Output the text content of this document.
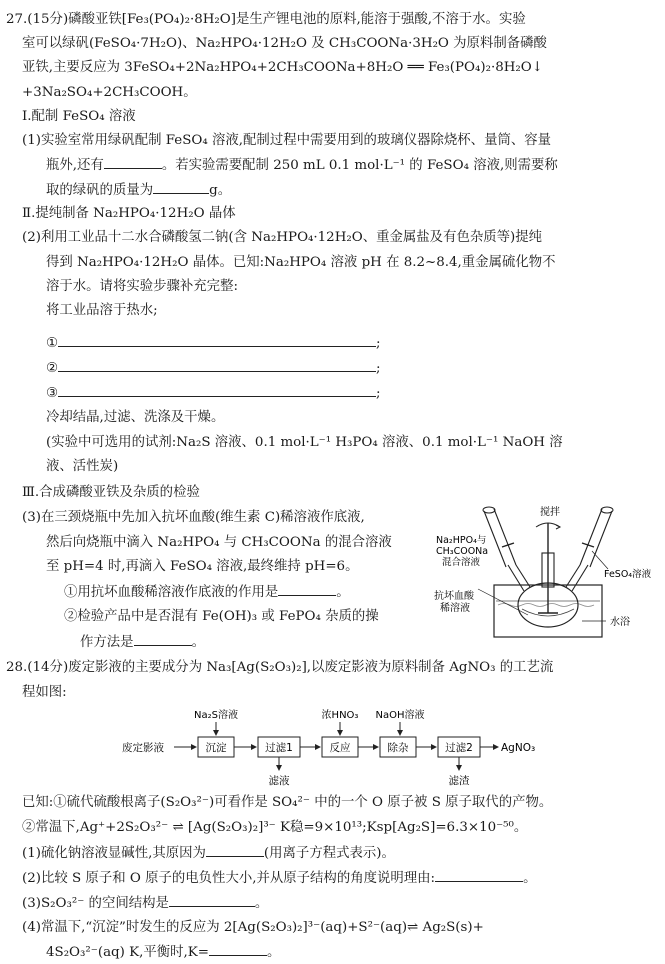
27.(15分)磷酸亚铁[Fe₃(PO₄)₂·8H₂O]是生产锂电池的原料,能溶于强酸,不溶于水。实验
室可以绿矾(FeSO₄·7H₂O)、Na₂HPO₄·12H₂O 及 CH₃COONa·3H₂O 为原料制备磷酸
亚铁,主要反应为 3FeSO₄+2Na₂HPO₄+2CH₃COONa+8H₂O ══ Fe₃(PO₄)₂·8H₂O↓
+3Na₂SO₄+2CH₃COOH。
Ⅰ.配制 FeSO₄ 溶液
(1)实验室常用绿矾配制 FeSO₄ 溶液,配制过程中需要用到的玻璃仪器除烧杯、量筒、容量
瓶外,还有	。若实验需要配制 250 mL 0.1 mol·L⁻¹ 的 FeSO₄ 溶液,则需要称
取的绿矾的质量为	g。
Ⅱ.提纯制备 Na₂HPO₄·12H₂O 晶体
(2)利用工业品十二水合磷酸氢二钠(含 Na₂HPO₄·12H₂O、重金属盐及有色杂质等)提纯
得到 Na₂HPO₄·12H₂O 晶体。已知:Na₂HPO₄ 溶液 pH 在 8.2~8.4,重金属硫化物不
溶于水。请将实验步骤补充完整:
将工业品溶于热水;
①	;
②	;
③	;
冷却结晶,过滤、洗涤及干燥。
(实验中可选用的试剂:Na₂S 溶液、0.1 mol·L⁻¹ H₃PO₄ 溶液、0.1 mol·L⁻¹ NaOH 溶
液、活性炭)
Ⅲ.合成磷酸亚铁及杂质的检验
(3)在三颈烧瓶中先加入抗坏血酸(维生素 C)稀溶液作底液,
然后向烧瓶中滴入 Na₂HPO₄ 与 CH₃COONa 的混合溶液
至 pH=4 时,再滴入 FeSO₄ 溶液,最终维持 pH=6。
①用抗坏血酸稀溶液作底液的作用是	。
②检验产品中是否混有 Fe(OH)₃ 或 FePO₄ 杂质的操
作方法是	。
搅拌
Na₂HPO₄与
CH₃COONa
混合溶液
FeSO₄溶液
抗坏血酸
稀溶液
水浴
28.(14分)废定影液的主要成分为 Na₃[Ag(S₂O₃)₂],以废定影液为原料制备 AgNO₃ 的工艺流
程如图:
废定影液	沉淀	过滤1	反应	除杂	过滤2	AgNO₃
Na₂S溶液	浓HNO₃ NaOH溶液
滤液	滤渣
已知:①硫代硫酸根离子(S₂O₃²⁻)可看作是 SO₄²⁻ 中的一个 O 原子被 S 原子取代的产物。
②常温下,Ag⁺+2S₂O₃²⁻ ⇌ [Ag(S₂O₃)₂]³⁻ K稳=9×10¹³;Ksp[Ag₂S]=6.3×10⁻⁵⁰。
(1)硫化钠溶液显碱性,其原因为	(用离子方程式表示)。
(2)比较 S 原子和 O 原子的电负性大小,并从原子结构的角度说明理由:	。
(3)S₂O₃²⁻ 的空间结构是	。
(4)常温下,“沉淀”时发生的反应为 2[Ag(S₂O₃)₂]³⁻(aq)+S²⁻(aq)⇌ Ag₂S(s)+
4S₂O₃²⁻(aq) K,平衡时,K=	。
